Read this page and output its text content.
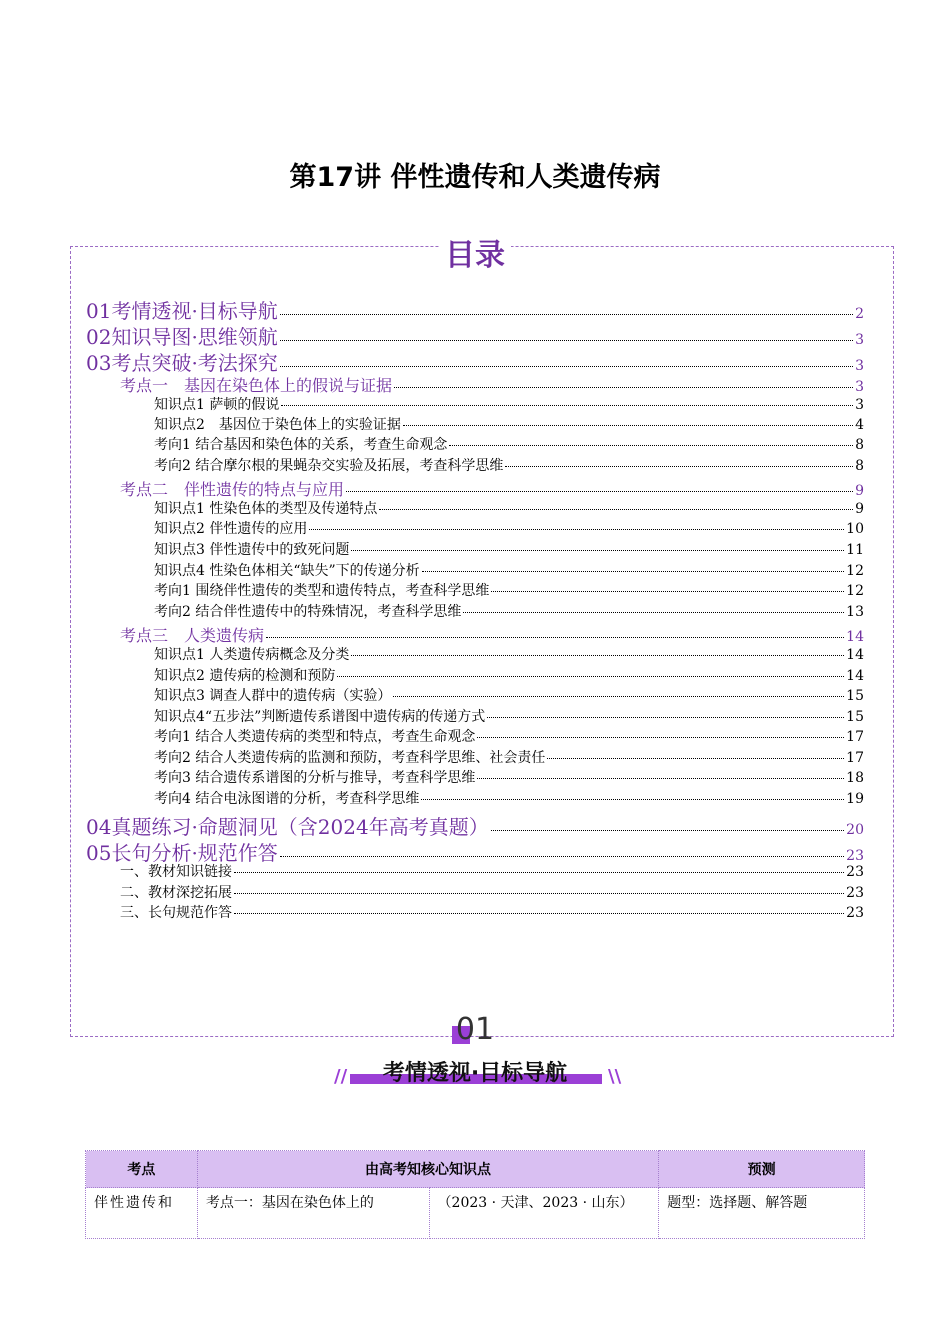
第17讲 伴性遗传和人类遗传病
目录
01考情透视·目标导航	2
02知识导图·思维领航	3
03考点突破·考法探究	3
考点一　基因在染色体上的假说与证据	3
知识点1 萨顿的假说	3
知识点2　基因位于染色体上的实验证据	4
考向1 结合基因和染色体的关系，考查生命观念	8
考向2 结合摩尔根的果蝇杂交实验及拓展，考查科学思维	8
考点二　伴性遗传的特点与应用	9
知识点1 性染色体的类型及传递特点	9
知识点2 伴性遗传的应用	10
知识点3 伴性遗传中的致死问题	11
知识点4 性染色体相关“缺失”下的传递分析	12
考向1 围绕伴性遗传的类型和遗传特点，考查科学思维	12
考向2 结合伴性遗传中的特殊情况，考查科学思维	13
考点三　人类遗传病	14
知识点1 人类遗传病概念及分类	14
知识点2 遗传病的检测和预防	14
知识点3 调查人群中的遗传病（实验）	15
知识点4“五步法”判断遗传系谱图中遗传病的传递方式	15
考向1 结合人类遗传病的类型和特点，考查生命观念	17
考向2 结合人类遗传病的监测和预防，考查科学思维、社会责任	17
考向3 结合遗传系谱图的分析与推导，考查科学思维	18
考向4 结合电泳图谱的分析，考查科学思维	19
04真题练习·命题洞见（含2024年高考真题）	20
05长句分析·规范作答	23
一、教材知识链接	23
二、教材深挖拓展	23
三、长句规范作答	23
01
//	考情透视·目标导航	\\
考点	由高考知核心知识点		预测
伴性遗传和	考点一：基因在染色体上的	（2023 · 天津、2023 · 山东）	题型：选择题、解答题
